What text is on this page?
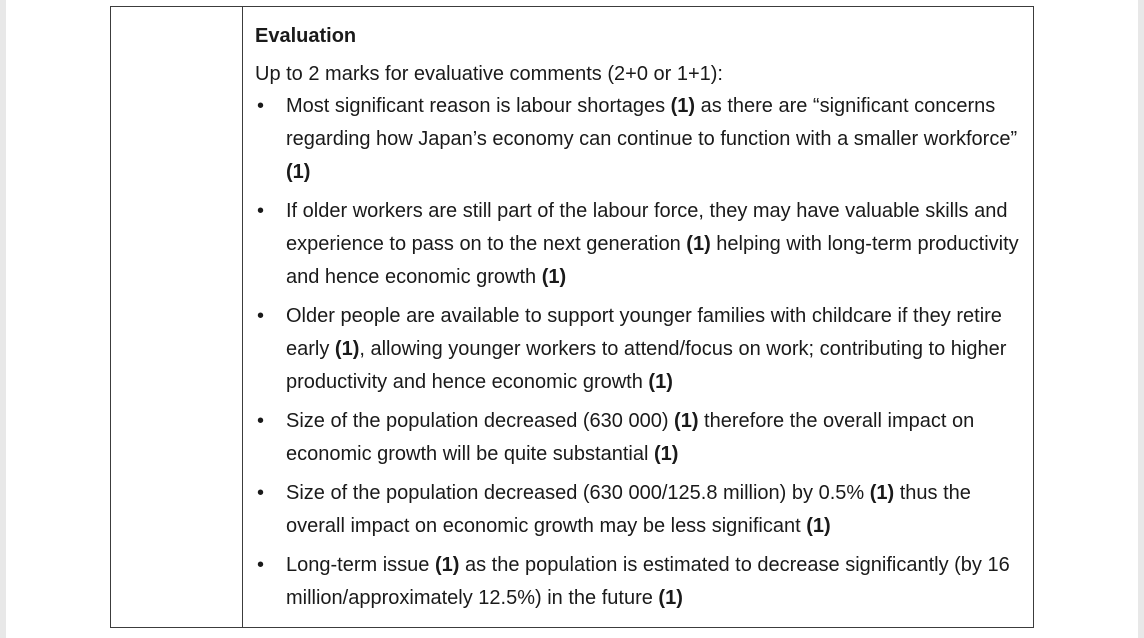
Evaluation
Up to 2 marks for evaluative comments (2+0 or 1+1):
• Most significant reason is labour shortages (1) as there are “significant concerns regarding how Japan’s economy can continue to function with a smaller workforce” (1)
• If older workers are still part of the labour force, they may have valuable skills and experience to pass on to the next generation (1) helping with long-term productivity and hence economic growth (1)
• Older people are available to support younger families with childcare if they retire early (1), allowing younger workers to attend/focus on work; contributing to higher productivity and hence economic growth (1)
• Size of the population decreased (630 000) (1) therefore the overall impact on economic growth will be quite substantial (1)
• Size of the population decreased (630 000/125.8 million) by 0.5% (1) thus the overall impact on economic growth may be less significant (1)
• Long-term issue (1) as the population is estimated to decrease significantly (by 16 million/approximately 12.5%) in the future (1)
